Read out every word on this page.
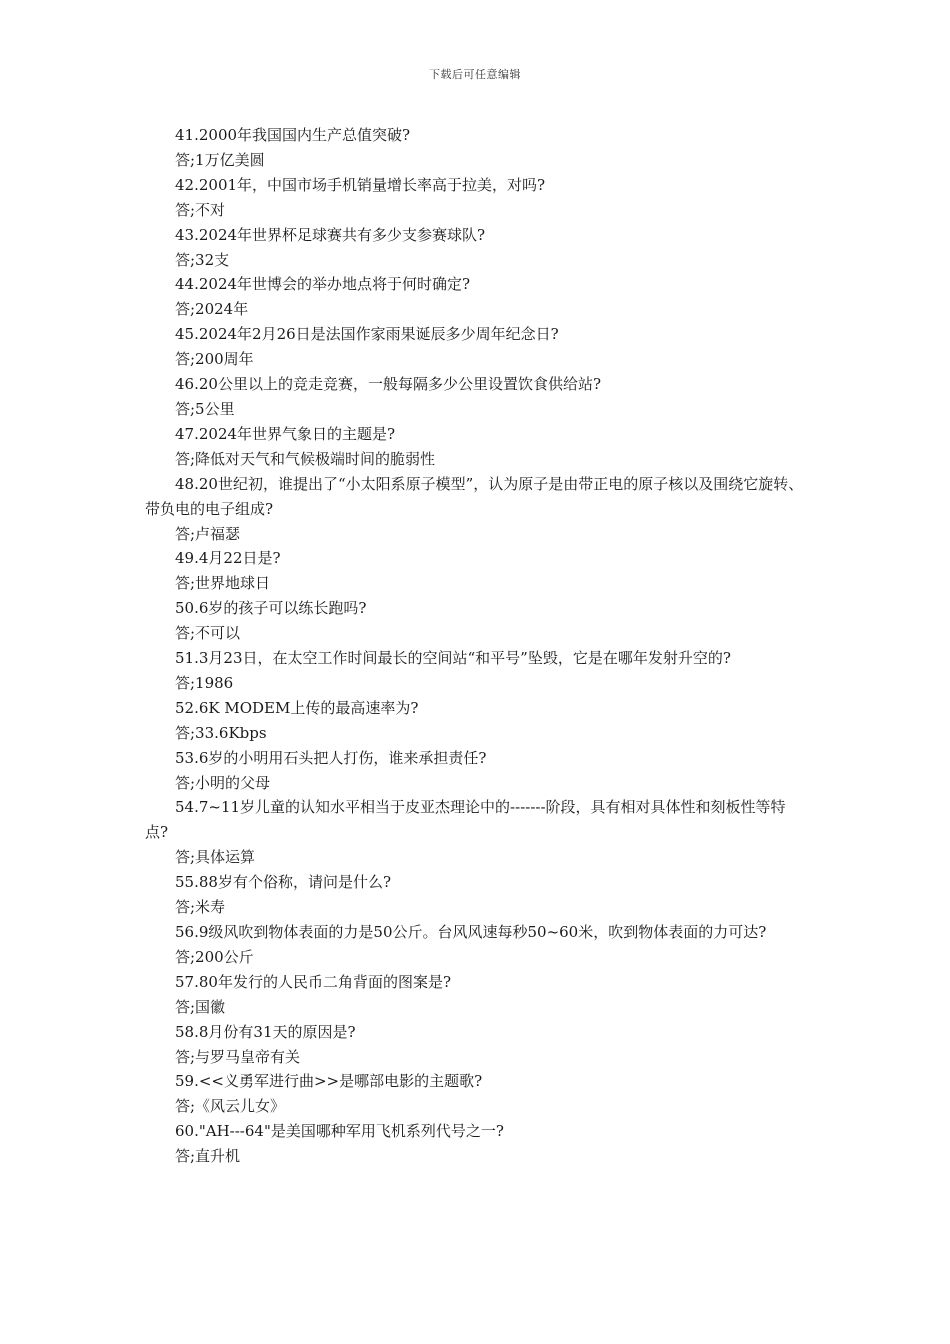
下载后可任意编辑

41.2000年我国国内生产总值突破?

答;1万亿美圆

42.2001年，中国市场手机销量增长率高于拉美，对吗?

答;不对

43.2024年世界杯足球赛共有多少支参赛球队?

答;32支

44.2024年世博会的举办地点将于何时确定?

答;2024年

45.2024年2月26日是法国作家雨果诞辰多少周年纪念日?

答;200周年

46.20公里以上的竞走竞赛，一般每隔多少公里设置饮食供给站?

答;5公里

47.2024年世界气象日的主题是?

答;降低对天气和气候极端时间的脆弱性

48.20世纪初，谁提出了“小太阳系原子模型”，认为原子是由带正电的原子核以及围绕它旋转、带负电的电子组成?

答;卢福瑟

49.4月22日是?

答;世界地球日

50.6岁的孩子可以练长跑吗?

答;不可以

51.3月23日，在太空工作时间最长的空间站“和平号”坠毁，它是在哪年发射升空的?

答;1986

52.6K MODEM上传的最高速率为?

答;33.6Kbps

53.6岁的小明用石头把人打伤，谁来承担责任?

答;小明的父母

54.7~11岁儿童的认知水平相当于皮亚杰理论中的-------阶段，具有相对具体性和刻板性等特点?

答;具体运算

55.88岁有个俗称，请问是什么?

答;米寿

56.9级风吹到物体表面的力是50公斤。台风风速每秒50~60米，吹到物体表面的力可达?

答;200公斤

57.80年发行的人民币二角背面的图案是?

答;国徽

58.8月份有31天的原因是?

答;与罗马皇帝有关

59.<<义勇军进行曲>>是哪部电影的主题歌?

答;《风云儿女》

60."AH---64"是美国哪种军用飞机系列代号之一?

答;直升机
